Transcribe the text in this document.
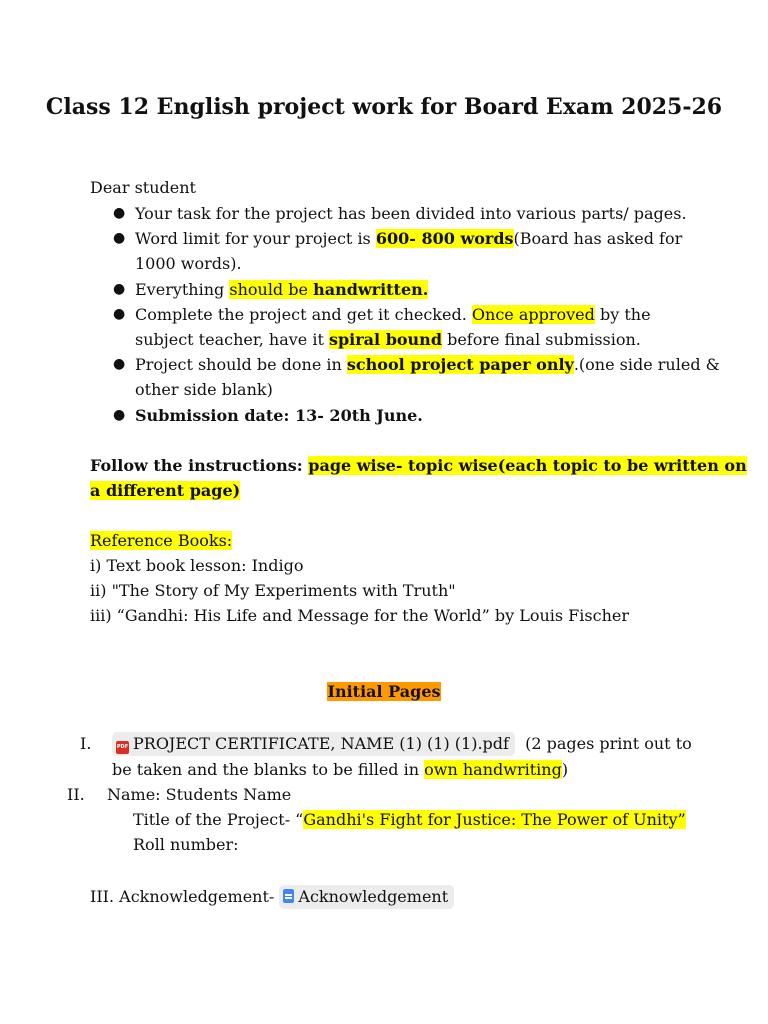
Class 12 English project work for Board Exam 2025-26
Dear student
● Your task for the project has been divided into various parts/ pages.
● Word limit for your project is 600- 800 words(Board has asked for
1000 words).
● Everything should be handwritten.
● Complete the project and get it checked. Once approved by the
subject teacher, have it spiral bound before final submission.
● Project should be done in school project paper only.(one side ruled &
other side blank)
● Submission date: 13- 20th June.
Follow the instructions: page wise- topic wise(each topic to be written on
a different page)
Reference Books:
i) Text book lesson: Indigo
ii) "The Story of My Experiments with Truth"
iii) “Gandhi: His Life and Message for the World” by Louis Fischer
Initial Pages
I.	PDF PROJECT CERTIFICATE, NAME (1) (1) (1).pdf (2 pages print out to
be taken and the blanks to be filled in own handwriting)
II. Name: Students Name
Title of the Project- “Gandhi's Fight for Justice: The Power of Unity”
Roll number:
III. Acknowledgement- Acknowledgement
